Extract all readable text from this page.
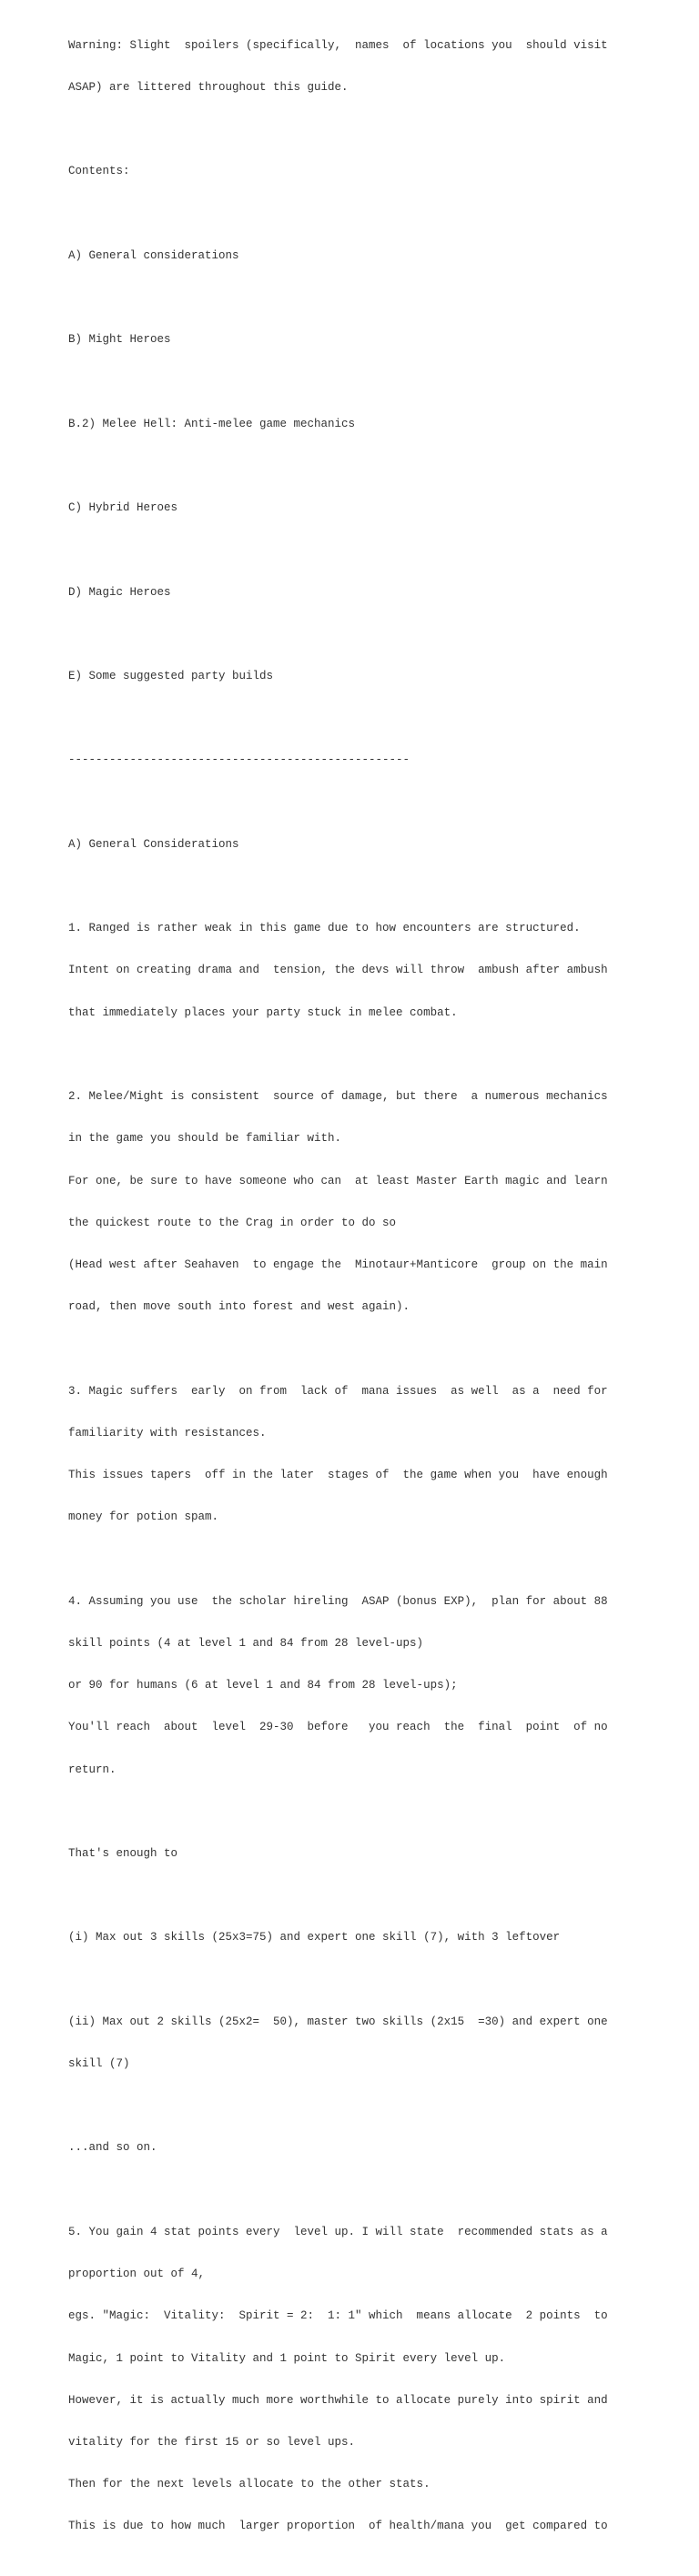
Warning: Slight  spoilers (specifically,  names  of locations you  should visit

ASAP) are littered throughout this guide.

Contents:

A) General considerations

B) Might Heroes

B.2) Melee Hell: Anti-melee game mechanics

C) Hybrid Heroes

D) Magic Heroes

E) Some suggested party builds

--------------------------------------------------

A) General Considerations

1. Ranged is rather weak in this game due to how encounters are structured.

Intent on creating drama and  tension, the devs will throw  ambush after ambush

that immediately places your party stuck in melee combat.

2. Melee/Might is consistent  source of damage, but there  a numerous mechanics

in the game you should be familiar with.

For one, be sure to have someone who can  at least Master Earth magic and learn

the quickest route to the Crag in order to do so

(Head west after Seahaven  to engage the  Minotaur+Manticore  group on the main

road, then move south into forest and west again).

3. Magic suffers  early  on from  lack of  mana issues  as well  as a  need for

familiarity with resistances.

This issues tapers  off in the later  stages of  the game when you  have enough

money for potion spam.

4. Assuming you use  the scholar hireling  ASAP (bonus EXP),  plan for about 88

skill points (4 at level 1 and 84 from 28 level-ups)

or 90 for humans (6 at level 1 and 84 from 28 level-ups);

You'll reach  about  level  29-30  before   you reach  the  final  point  of no

return.

That's enough to

(i) Max out 3 skills (25x3=75) and expert one skill (7), with 3 leftover

(ii) Max out 2 skills (25x2=  50), master two skills (2x15  =30) and expert one

skill (7)

...and so on.

5. You gain 4 stat points every  level up. I will state  recommended stats as a

proportion out of 4,

egs. "Magic:  Vitality:  Spirit = 2:  1: 1" which  means allocate  2 points  to

Magic, 1 point to Vitality and 1 point to Spirit every level up.

However, it is actually much more worthwhile to allocate purely into spirit and

vitality for the first 15 or so level ups.

Then for the next levels allocate to the other stats.

This is due to how much  larger proportion  of health/mana you  get compared to
